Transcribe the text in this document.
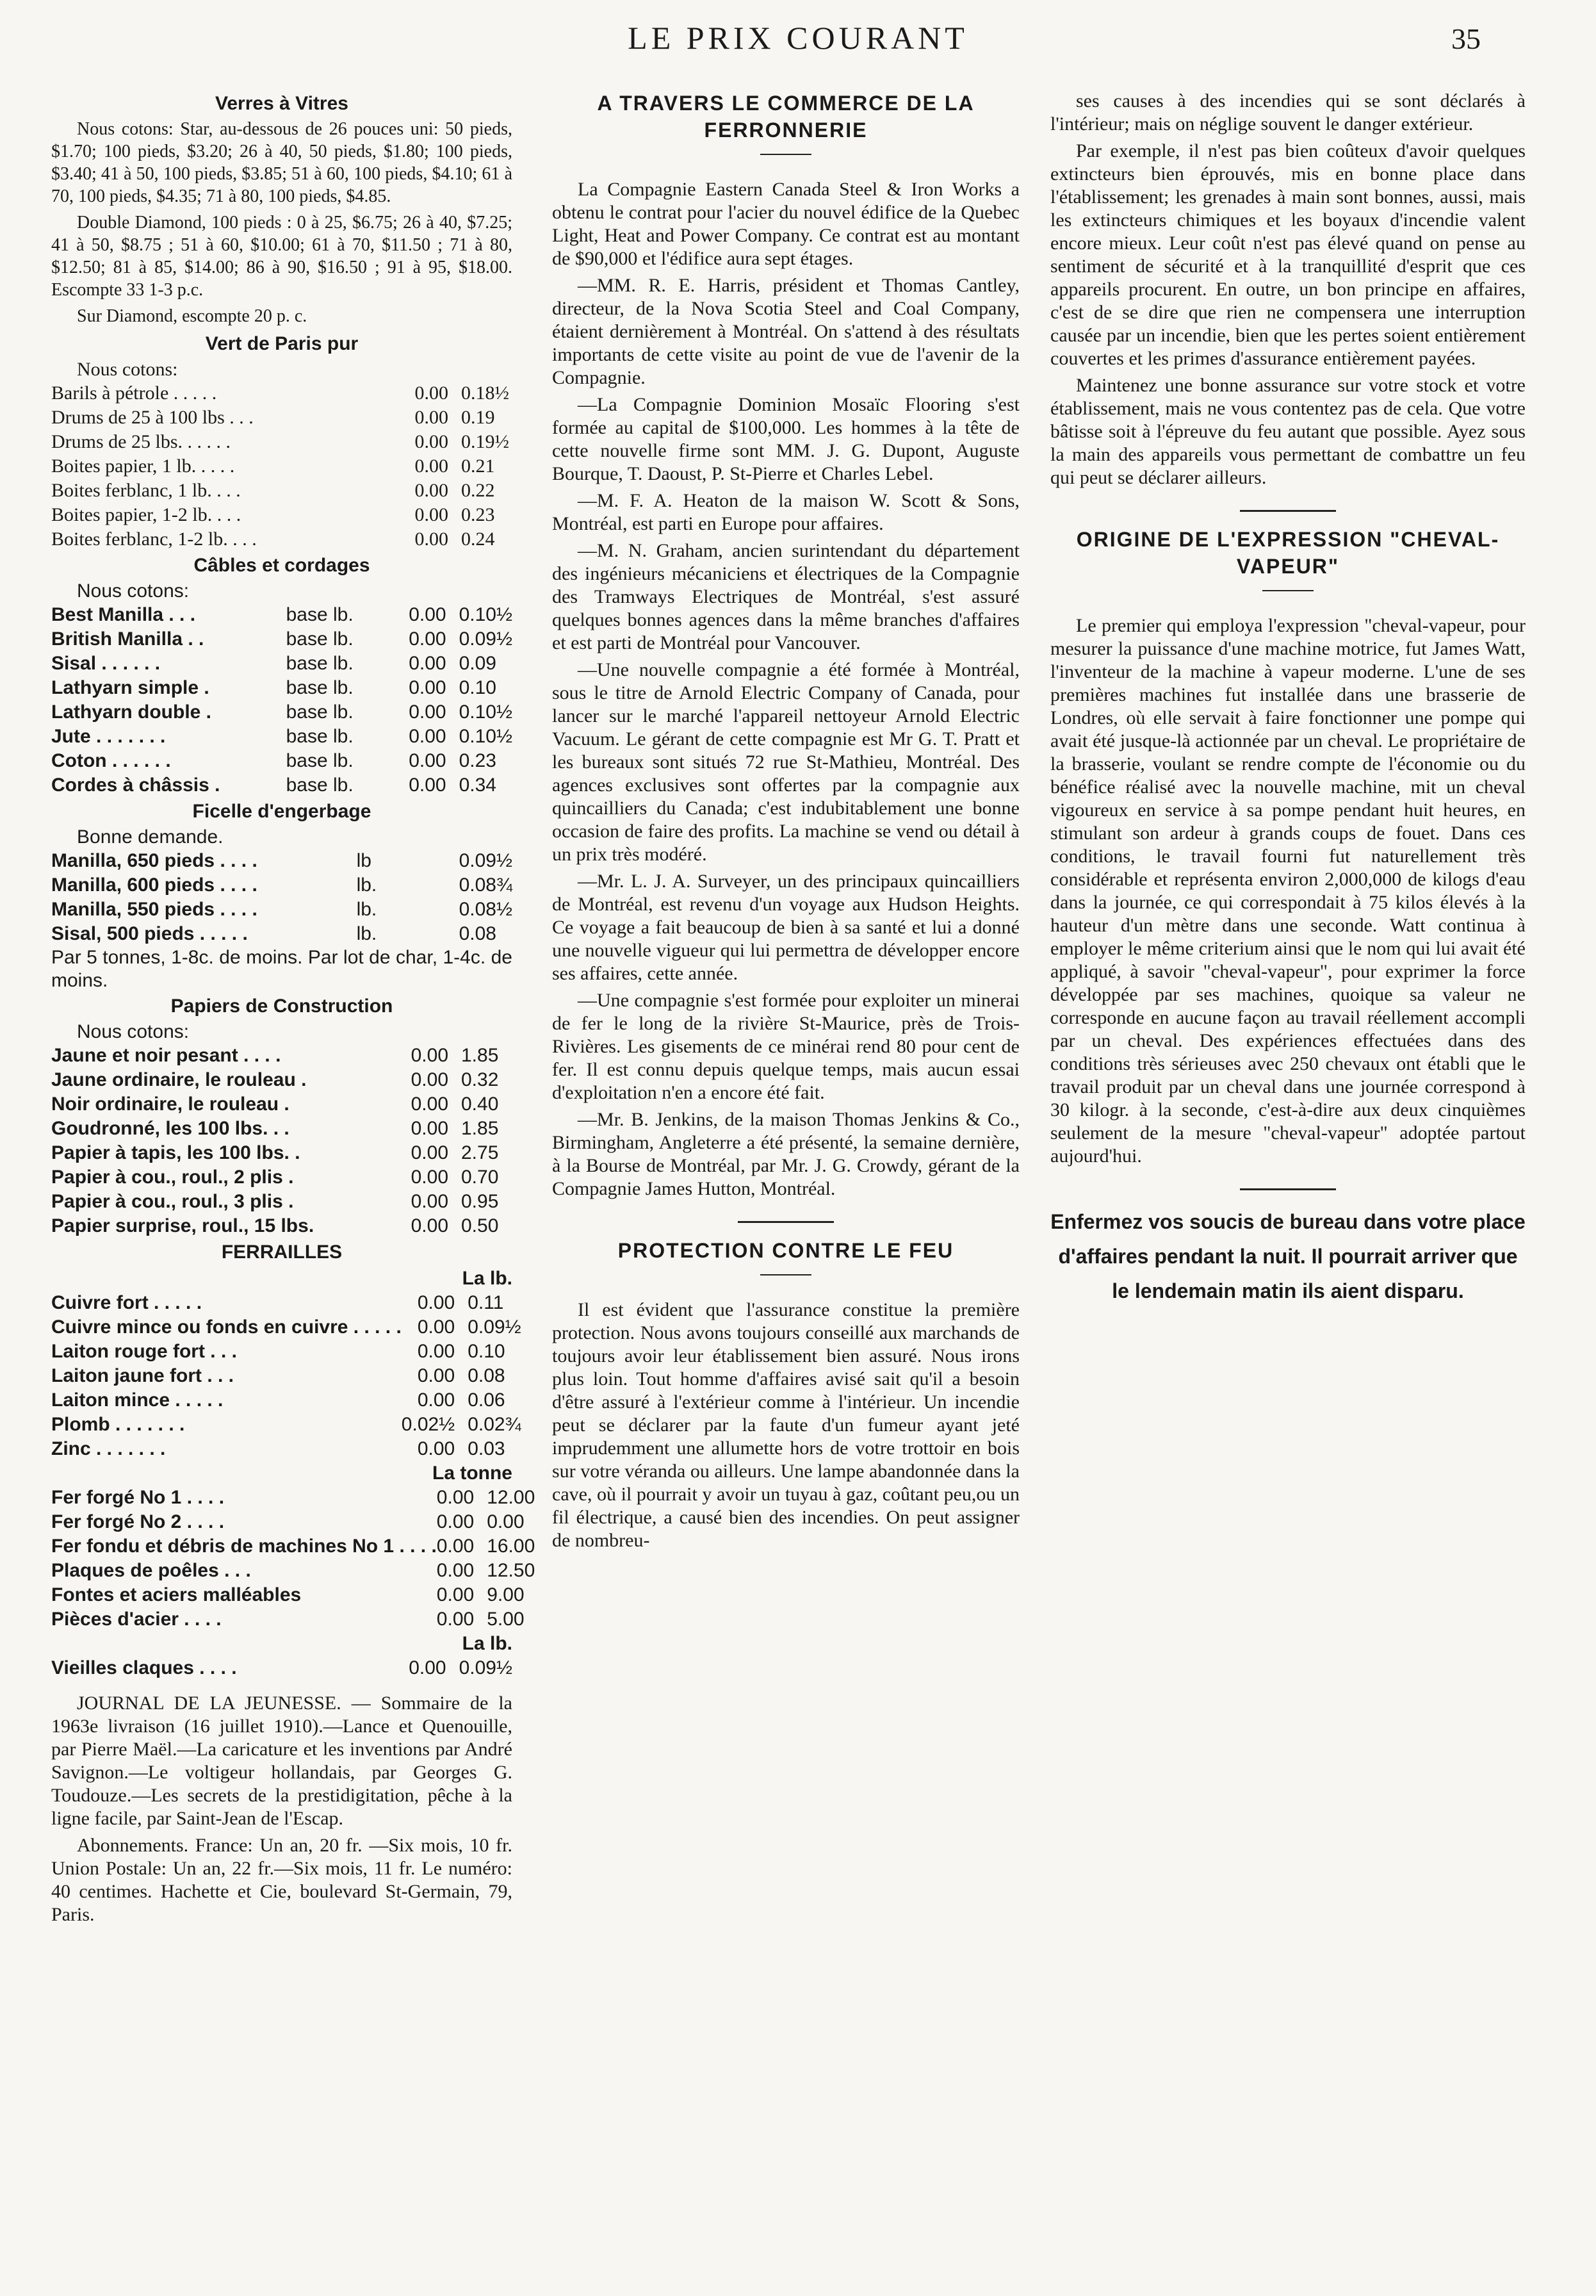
LE PRIX COURANT	35
Verres à Vitres

Nous cotons: Star, au-dessous de 26 pouces uni: 50 pieds, $1.70; 100 pieds, $3.20; 26 à 40, 50 pieds, $1.80; 100 pieds, $3.40; 41 à 50, 100 pieds, $3.85; 51 à 60, 100 pieds, $4.10; 61 à 70, 100 pieds, $4.35; 71 à 80, 100 pieds, $4.85.

Double Diamond, 100 pieds : 0 à 25, $6.75; 26 à 40, $7.25; 41 à 50, $8.75 ; 51 à 60, $10.00; 61 à 70, $11.50 ; 71 à 80, $12.50; 81 à 85, $14.00; 86 à 90, $16.50 ; 91 à 95, $18.00. Escompte 33 1-3 p.c.

Sur Diamond, escompte 20 p. c.

Vert de Paris pur

Nous cotons:

Barils à pétrole . . . . .	0.00	0.18½
Drums de 25 à 100 lbs . . .	0.00	0.19
Drums de 25 lbs. . . . . .	0.00	0.19½
Boites papier, 1 lb. . . . .	0.00	0.21
Boites ferblanc, 1 lb. . . .	0.00	0.22
Boites papier, 1-2 lb. . . .	0.00	0.23
Boites ferblanc, 1-2 lb. . . .	0.00	0.24
Câbles et cordages

Nous cotons:

Best Manilla . . .	base lb.	0.00	0.10½
British Manilla . .	base lb.	0.00	0.09½
Sisal . . . . . .	base lb.	0.00	0.09
Lathyarn simple .	base lb.	0.00	0.10
Lathyarn double .	base lb.	0.00	0.10½
Jute . . . . . . .	base lb.	0.00	0.10½
Coton . . . . . .	base lb.	0.00	0.23
Cordes à châssis .	base lb.	0.00	0.34
Ficelle d'engerbage

Bonne demande.

Manilla, 650 pieds . . . .	lb	0.09½
Manilla, 600 pieds . . . .	lb.	0.08¾
Manilla, 550 pieds . . . .	lb.	0.08½
Sisal, 500 pieds . . . . .	lb.	0.08

Par 5 tonnes, 1-8c. de moins. Par lot de char, 1-4c. de moins.

Papiers de Construction

Nous cotons:

Jaune et noir pesant . . . .	0.00	1.85
Jaune ordinaire, le rouleau .	0.00	0.32
Noir ordinaire, le rouleau .	0.00	0.40
Goudronné, les 100 lbs. . .	0.00	1.85
Papier à tapis, les 100 lbs. .	0.00	2.75
Papier à cou., roul., 2 plis .	0.00	0.70
Papier à cou., roul., 3 plis .	0.00	0.95
Papier surprise, roul., 15 lbs.	0.00	0.50
FERRAILLES
La lb.
Cuivre fort . . . . .	0.00	0.11
Cuivre mince ou fonds en cuivre . . . . .	0.00	0.09½
Laiton rouge fort . . .	0.00	0.10
Laiton jaune fort . . .	0.00	0.08
Laiton mince . . . . .	0.00	0.06
Plomb . . . . . . .	0.02½	0.02¾
Zinc . . . . . . .	0.00	0.03
La tonne
Fer forgé No 1 . . . .	0.00	12.00
Fer forgé No 2 . . . .	0.00	0.00
Fer fondu et débris de machines No 1 . . . .	0.00	16.00
Plaques de poêles . . .	0.00	12.50
Fontes et aciers malléables	0.00	9.00
Pièces d'acier . . . .	0.00	5.00
La lb.
Vieilles claques . . . .	0.00	0.09½

JOURNAL DE LA JEUNESSE. — Sommaire de la 1963e livraison (16 juillet 1910).—Lance et Quenouille, par Pierre Maël.—La caricature et les inventions par André Savignon.—Le voltigeur hollandais, par Georges G. Toudouze.—Les secrets de la prestidigitation, pêche à la ligne facile, par Saint-Jean de l'Escap.

Abonnements. France: Un an, 20 fr. —Six mois, 10 fr. Union Postale: Un an, 22 fr.—Six mois, 11 fr. Le numéro: 40 centimes. Hachette et Cie, boulevard St-Germain, 79, Paris.

A TRAVERS LE COMMERCE DE LA FERRONNERIE

La Compagnie Eastern Canada Steel & Iron Works a obtenu le contrat pour l'acier du nouvel édifice de la Quebec Light, Heat and Power Company. Ce contrat est au montant de $90,000 et l'édifice aura sept étages.

—MM. R. E. Harris, président et Thomas Cantley, directeur, de la Nova Scotia Steel and Coal Company, étaient dernièrement à Montréal. On s'attend à des résultats importants de cette visite au point de vue de l'avenir de la Compagnie.

—La Compagnie Dominion Mosaïc Flooring s'est formée au capital de $100,000. Les hommes à la tête de cette nouvelle firme sont MM. J. G. Dupont, Auguste Bourque, T. Daoust, P. St-Pierre et Charles Lebel.

—M. F. A. Heaton de la maison W. Scott & Sons, Montréal, est parti en Europe pour affaires.

—M. N. Graham, ancien surintendant du département des ingénieurs mécaniciens et électriques de la Compagnie des Tramways Electriques de Montréal, s'est assuré quelques bonnes agences dans la même branches d'affaires et est parti de Montréal pour Vancouver.

—Une nouvelle compagnie a été formée à Montréal, sous le titre de Arnold Electric Company of Canada, pour lancer sur le marché l'appareil nettoyeur Arnold Electric Vacuum. Le gérant de cette compagnie est Mr G. T. Pratt et les bureaux sont situés 72 rue St-Mathieu, Montréal. Des agences exclusives sont offertes par la compagnie aux quincailliers du Canada; c'est indubitablement une bonne occasion de faire des profits. La machine se vend ou détail à un prix très modéré.

—Mr. L. J. A. Surveyer, un des principaux quincailliers de Montréal, est revenu d'un voyage aux Hudson Heights. Ce voyage a fait beaucoup de bien à sa santé et lui a donné une nouvelle vigueur qui lui permettra de développer encore ses affaires, cette année.

—Une compagnie s'est formée pour exploiter un minerai de fer le long de la rivière St-Maurice, près de Trois-Rivières. Les gisements de ce minérai rend 80 pour cent de fer. Il est connu depuis quelque temps, mais aucun essai d'exploitation n'en a encore été fait.

—Mr. B. Jenkins, de la maison Thomas Jenkins & Co., Birmingham, Angleterre a été présenté, la semaine dernière, à la Bourse de Montréal, par Mr. J. G. Crowdy, gérant de la Compagnie James Hutton, Montréal.

PROTECTION CONTRE LE FEU

Il est évident que l'assurance constitue la première protection. Nous avons toujours conseillé aux marchands de toujours avoir leur établissement bien assuré. Nous irons plus loin. Tout homme d'affaires avisé sait qu'il a besoin d'être assuré à l'extérieur comme à l'intérieur. Un incendie peut se déclarer par la faute d'un fumeur ayant jeté imprudemment une allumette hors de votre trottoir en bois sur votre véranda ou ailleurs. Une lampe abandonnée dans la cave, où il pourrait y avoir un tuyau à gaz, coûtant peu,ou un fil électrique, a causé bien des incendies. On peut assigner de nombreu-

ses causes à des incendies qui se sont déclarés à l'intérieur; mais on néglige souvent le danger extérieur.

Par exemple, il n'est pas bien coûteux d'avoir quelques extincteurs bien éprouvés, mis en bonne place dans l'établissement; les grenades à main sont bonnes, aussi, mais les extincteurs chimiques et les boyaux d'incendie valent encore mieux. Leur coût n'est pas élevé quand on pense au sentiment de sécurité et à la tranquillité d'esprit que ces appareils procurent. En outre, un bon principe en affaires, c'est de se dire que rien ne compensera une interruption causée par un incendie, bien que les pertes soient entièrement couvertes et les primes d'assurance entièrement payées.

Maintenez une bonne assurance sur votre stock et votre établissement, mais ne vous contentez pas de cela. Que votre bâtisse soit à l'épreuve du feu autant que possible. Ayez sous la main des appareils vous permettant de combattre un feu qui peut se déclarer ailleurs.

ORIGINE DE L'EXPRESSION "CHEVAL-VAPEUR"

Le premier qui employa l'expression "cheval-vapeur, pour mesurer la puissance d'une machine motrice, fut James Watt, l'inventeur de la machine à vapeur moderne. L'une de ses premières machines fut installée dans une brasserie de Londres, où elle servait à faire fonctionner une pompe qui avait été jusque-là actionnée par un cheval. Le propriétaire de la brasserie, voulant se rendre compte de l'économie ou du bénéfice réalisé avec la nouvelle machine, mit un cheval vigoureux en service à sa pompe pendant huit heures, en stimulant son ardeur à grands coups de fouet. Dans ces conditions, le travail fourni fut naturellement très considérable et représenta environ 2,000,000 de kilogs d'eau dans la journée, ce qui correspondait à 75 kilos élevés à la hauteur d'un mètre dans une seconde. Watt continua à employer le même criterium ainsi que le nom qui lui avait été appliqué, à savoir "cheval-vapeur", pour exprimer la force développée par ses machines, quoique sa valeur ne corresponde en aucune façon au travail réellement accompli par un cheval. Des expériences effectuées dans des conditions très sérieuses avec 250 chevaux ont établi que le travail produit par un cheval dans une journée correspond à 30 kilogr. à la seconde, c'est-à-dire aux deux cinquièmes seulement de la mesure "cheval-vapeur" adoptée partout aujourd'hui.

Enfermez vos soucis de bureau dans votre place d'affaires pendant la nuit. Il pourrait arriver que le lendemain matin ils aient disparu.
